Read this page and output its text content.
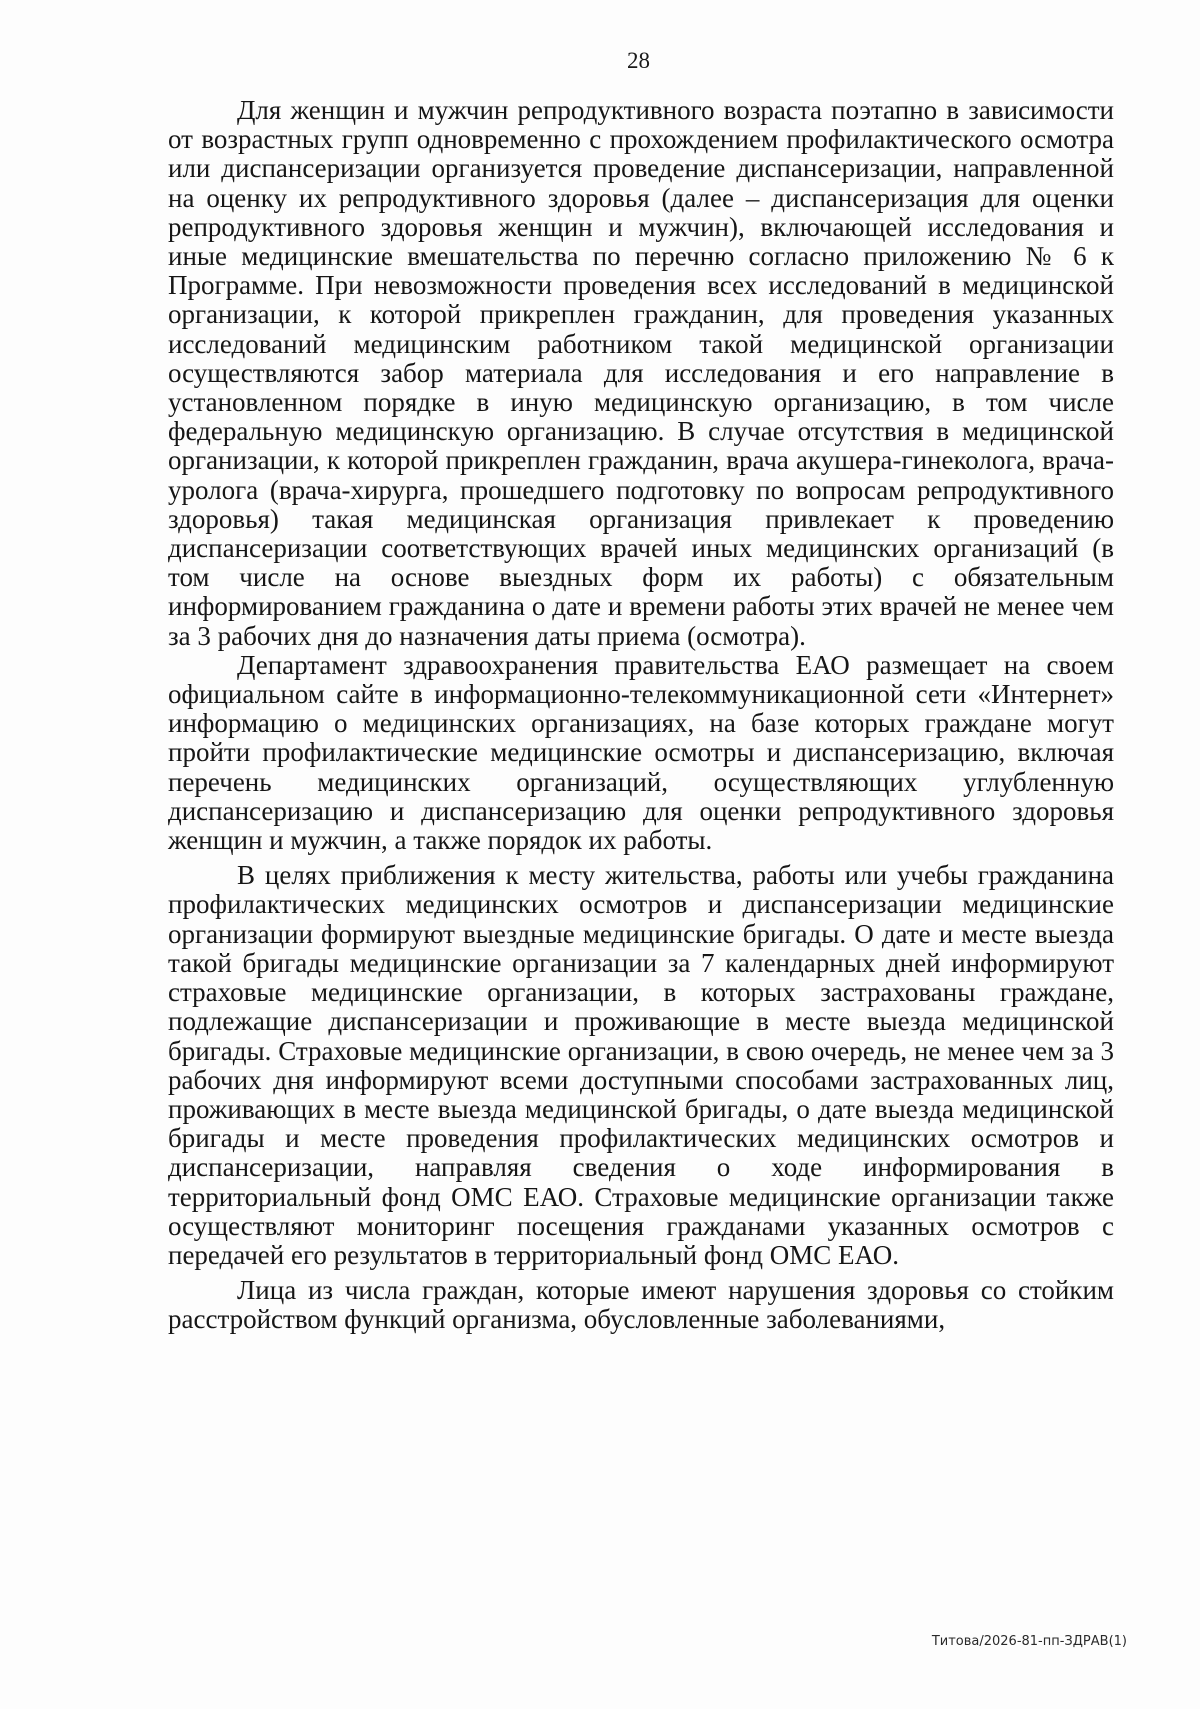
28

Для женщин и мужчин репродуктивного возраста поэтапно в зависимости от возрастных групп одновременно с прохождением профилактического осмотра или диспансеризации организуется проведение диспансеризации, направленной на оценку их репродуктивного здоровья (далее – диспансеризация для оценки репродуктивного здоровья женщин и мужчин), включающей исследования и иные медицинские вмешательства по перечню согласно приложению № 6 к Программе. При невозможности проведения всех исследований в медицинской организации, к которой прикреплен гражданин, для проведения указанных исследований медицинским работником такой медицинской организации осуществляются забор материала для исследования и его направление в установленном порядке в иную медицинскую организацию, в том числе федеральную медицинскую организацию. В случае отсутствия в медицинской организации, к которой прикреплен гражданин, врача акушера-гинеколога, врача-уролога (врача-хирурга, прошедшего подготовку по вопросам репродуктивного здоровья) такая медицинская организация привлекает к проведению диспансеризации соответствующих врачей иных медицинских организаций (в том числе на основе выездных форм их работы) с обязательным информированием гражданина о дате и времени работы этих врачей не менее чем за 3 рабочих дня до назначения даты приема (осмотра).

Департамент здравоохранения правительства ЕАО размещает на своем официальном сайте в информационно-телекоммуникационной сети «Интернет» информацию о медицинских организациях, на базе которых граждане могут пройти профилактические медицинские осмотры и диспансеризацию, включая перечень медицинских организаций, осуществляющих углубленную диспансеризацию и диспансеризацию для оценки репродуктивного здоровья женщин и мужчин, а также порядок их работы.

В целях приближения к месту жительства, работы или учебы гражданина профилактических медицинских осмотров и диспансеризации медицинские организации формируют выездные медицинские бригады. О дате и месте выезда такой бригады медицинские организации за 7 календарных дней информируют страховые медицинские организации, в которых застрахованы граждане, подлежащие диспансеризации и проживающие в месте выезда медицинской бригады. Страховые медицинские организации, в свою очередь, не менее чем за 3 рабочих дня информируют всеми доступными способами застрахованных лиц, проживающих в месте выезда медицинской бригады, о дате выезда медицинской бригады и месте проведения профилактических медицинских осмотров и диспансеризации, направляя сведения о ходе информирования в территориальный фонд ОМС ЕАО. Страховые медицинские организации также осуществляют мониторинг посещения гражданами указанных осмотров с передачей его результатов в территориальный фонд ОМС ЕАО.

Лица из числа граждан, которые имеют нарушения здоровья со стойким расстройством функций организма, обусловленные заболеваниями,

Титова/2026-81-пп-ЗДРАВ(1)
